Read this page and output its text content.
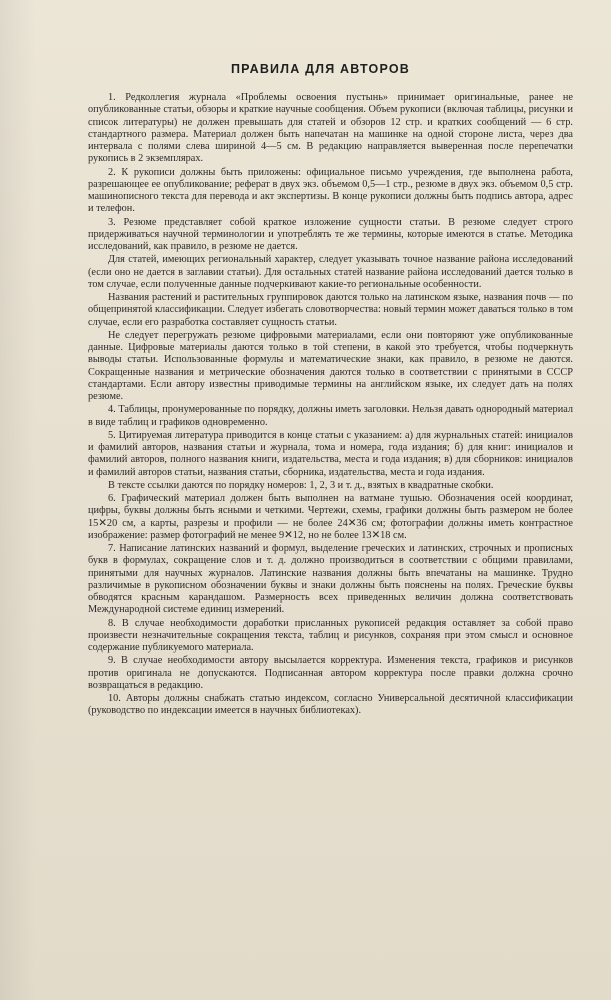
ПРАВИЛА ДЛЯ АВТОРОВ

1. Редколлегия журнала «Проблемы освоения пустынь» принимает оригинальные, ранее не опубликованные статьи, обзоры и краткие научные сообщения. Объем рукописи (включая таблицы, рисунки и список литературы) не должен превышать для статей и обзоров 12 стр. и кратких сообщений — 6 стр. стандартного размера. Материал должен быть напечатан на машинке на одной стороне листа, через два интервала с полями слева шириной 4—5 см. В редакцию направляется выверенная после перепечатки рукопись в 2 экземплярах.

2. К рукописи должны быть приложены: официальное письмо учреждения, где выполнена работа, разрешающее ее опубликование; реферат в двух экз. объемом 0,5—1 стр., резюме в двух экз. объемом 0,5 стр. машинописного текста для перевода и акт экспертизы. В конце рукописи должны быть подпись автора, адрес и телефон.

3. Резюме представляет собой краткое изложение сущности статьи. В резюме следует строго придерживаться научной терминологии и употреблять те же термины, которые имеются в статье. Методика исследований, как правило, в резюме не дается.

Для статей, имеющих региональный характер, следует указывать точное название района исследований (если оно не дается в заглавии статьи). Для остальных статей название района исследований дается только в том случае, если полученные данные подчеркивают какие-то региональные особенности.

Названия растений и растительных группировок даются только на латинском языке, названия почв — по общепринятой классификации. Следует избегать словотворчества: новый термин может даваться только в том случае, если его разработка составляет сущность статьи.

Не следует перегружать резюме цифровыми материалами, если они повторяют уже опубликованные данные. Цифровые материалы даются только в той степени, в какой это требуется, чтобы подчеркнуть выводы статьи. Использованные формулы и математические знаки, как правило, в резюме не даются. Сокращенные названия и метрические обозначения даются только в соответствии с принятыми в СССР стандартами. Если автору известны приводимые термины на английском языке, их следует дать на полях резюме.

4. Таблицы, пронумерованные по порядку, должны иметь заголовки. Нельзя давать однородный материал в виде таблиц и графиков одновременно.

5. Цитируемая литература приводится в конце статьи с указанием: а) для журнальных статей: инициалов и фамилий авторов, названия статьи и журнала, тома и номера, года издания; б) для книг: инициалов и фамилий авторов, полного названия книги, издательства, места и года издания; в) для сборников: инициалов и фамилий авторов статьи, названия статьи, сборника, издательства, места и года издания.

В тексте ссылки даются по порядку номеров: 1, 2, 3 и т. д., взятых в квадратные скобки.

6. Графический материал должен быть выполнен на ватмане тушью. Обозначения осей координат, цифры, буквы должны быть ясными и четкими. Чертежи, схемы, графики должны быть размером не более 15✕20 см, а карты, разрезы и профили — не более 24✕36 см; фотографии должны иметь контрастное изображение: размер фотографий не менее 9✕12, но не более 13✕18 см.

7. Написание латинских названий и формул, выделение греческих и латинских, строчных и прописных букв в формулах, сокращение слов и т. д. должно производиться в соответствии с общими правилами, принятыми для научных журналов. Латинские названия должны быть впечатаны на машинке. Трудно различимые в рукописном обозначении буквы и знаки должны быть пояснены на полях. Греческие буквы обводятся красным карандашом. Размерность всех приведенных величин должна соответствовать Международной системе единиц измерений.

8. В случае необходимости доработки присланных рукописей редакция оставляет за собой право произвести незначительные сокращения текста, таблиц и рисунков, сохраняя при этом смысл и основное содержание публикуемого материала.

9. В случае необходимости автору высылается корректура. Изменения текста, графиков и рисунков против оригинала не допускаются. Подписанная автором корректура после правки должна срочно возвращаться в редакцию.

10. Авторы должны снабжать статью индексом, согласно Универсальной десятичной классификации (руководство по индексации имеется в научных библиотеках).
